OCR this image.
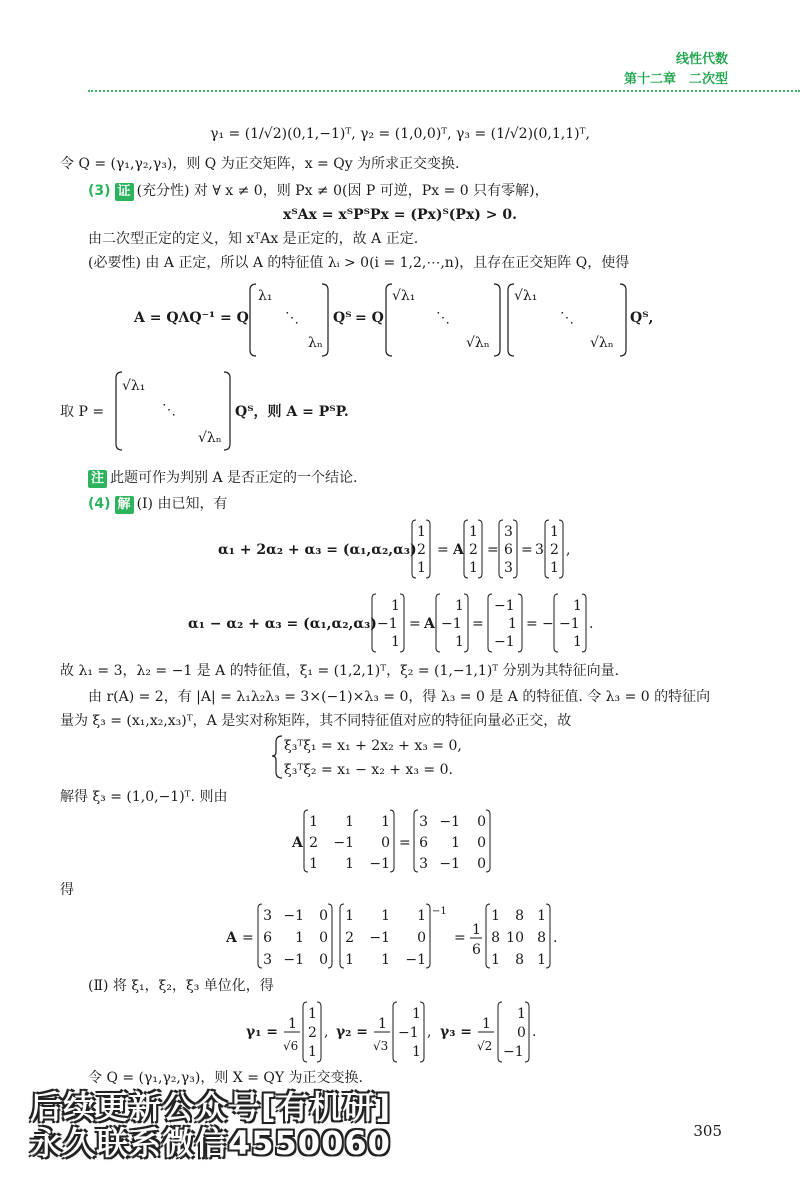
线性代数
第十二章　二次型
γ₁ = (1/√2)(0,1,−1)ᵀ, γ₂ = (1,0,0)ᵀ, γ₃ = (1/√2)(0,1,1)ᵀ,
令 Q = (γ₁,γ₂,γ₃)，则 Q 为正交矩阵，x = Qy 为所求正交变换.
(3) 证 (充分性) 对 ∀ x ≠ 0，则 Px ≠ 0(因 P 可逆，Px = 0 只有零解)，
xᵀAx = xᵀPᵀPx = (Px)ᵀ(Px) > 0.
由二次型正定的定义，知 xᵀAx 是正定的，故 A 正定.
(必要性) 由 A 正定，所以 A 的特征值 λᵢ > 0(i = 1,2,⋯,n)，且存在正交矩阵 Q，使得
A = QΛQ⁻¹ = Q
λ₁
⋱
λₙ
Qᵀ = Q
√λ₁
⋱
√λₙ
√λ₁
⋱
√λₙ
Qᵀ,
取 P =
√λ₁
⋱
√λₙ
Qᵀ，则 A = PᵀP.
注 此题可作为判别 A 是否正定的一个结论.
(4) 解 (Ⅰ) 由已知，有
α₁ + 2α₂ + α₃ = (α₁,α₂,α₃)
1
2
1
= A
1
2
1
=
3
6
3
= 3
1
2
1
,
α₁ − α₂ + α₃ = (α₁,α₂,α₃)
1
−1
1
= A
1
−1
1
=
−1
1
−1
= −
1
−1
1
.
故 λ₁ = 3，λ₂ = −1 是 A 的特征值，ξ₁ = (1,2,1)ᵀ，ξ₂ = (1,−1,1)ᵀ 分别为其特征向量.
由 r(A) = 2，有 |A| = λ₁λ₂λ₃ = 3×(−1)×λ₃ = 0，得 λ₃ = 0 是 A 的特征值. 令 λ₃ = 0 的特征向
量为 ξ₃ = (x₁,x₂,x₃)ᵀ，A 是实对称矩阵，其不同特征值对应的特征向量必正交，故
ξ₃ᵀξ₁ = x₁ + 2x₂ + x₃ = 0,
ξ₃ᵀξ₂ = x₁ − x₂ + x₃ = 0.
解得 ξ₃ = (1,0,−1)ᵀ. 则由
A
1 1 1
2 −1 0
1 1 −1
=
3 −1 0
6 1 0
3 −1 0
得
A =
3 −1 0
6 1 0
3 −1 0
1 1 1
2 −1 0
1 1 −1
−1
= 1
6
1 8 1
8 10 8
1 8 1
.
(Ⅱ) 将 ξ₁，ξ₂，ξ₃ 单位化，得
γ₁ = 1
√6
1
2
1
, γ₂ = 1
√3
1
−1
1
, γ₃ = 1
√2
1
0
−1
.
令 Q = (γ₁,γ₂,γ₃)，则 X = QY 为正交变换.
后续更新公众号[有机研]
永久联系微信4550060	305
